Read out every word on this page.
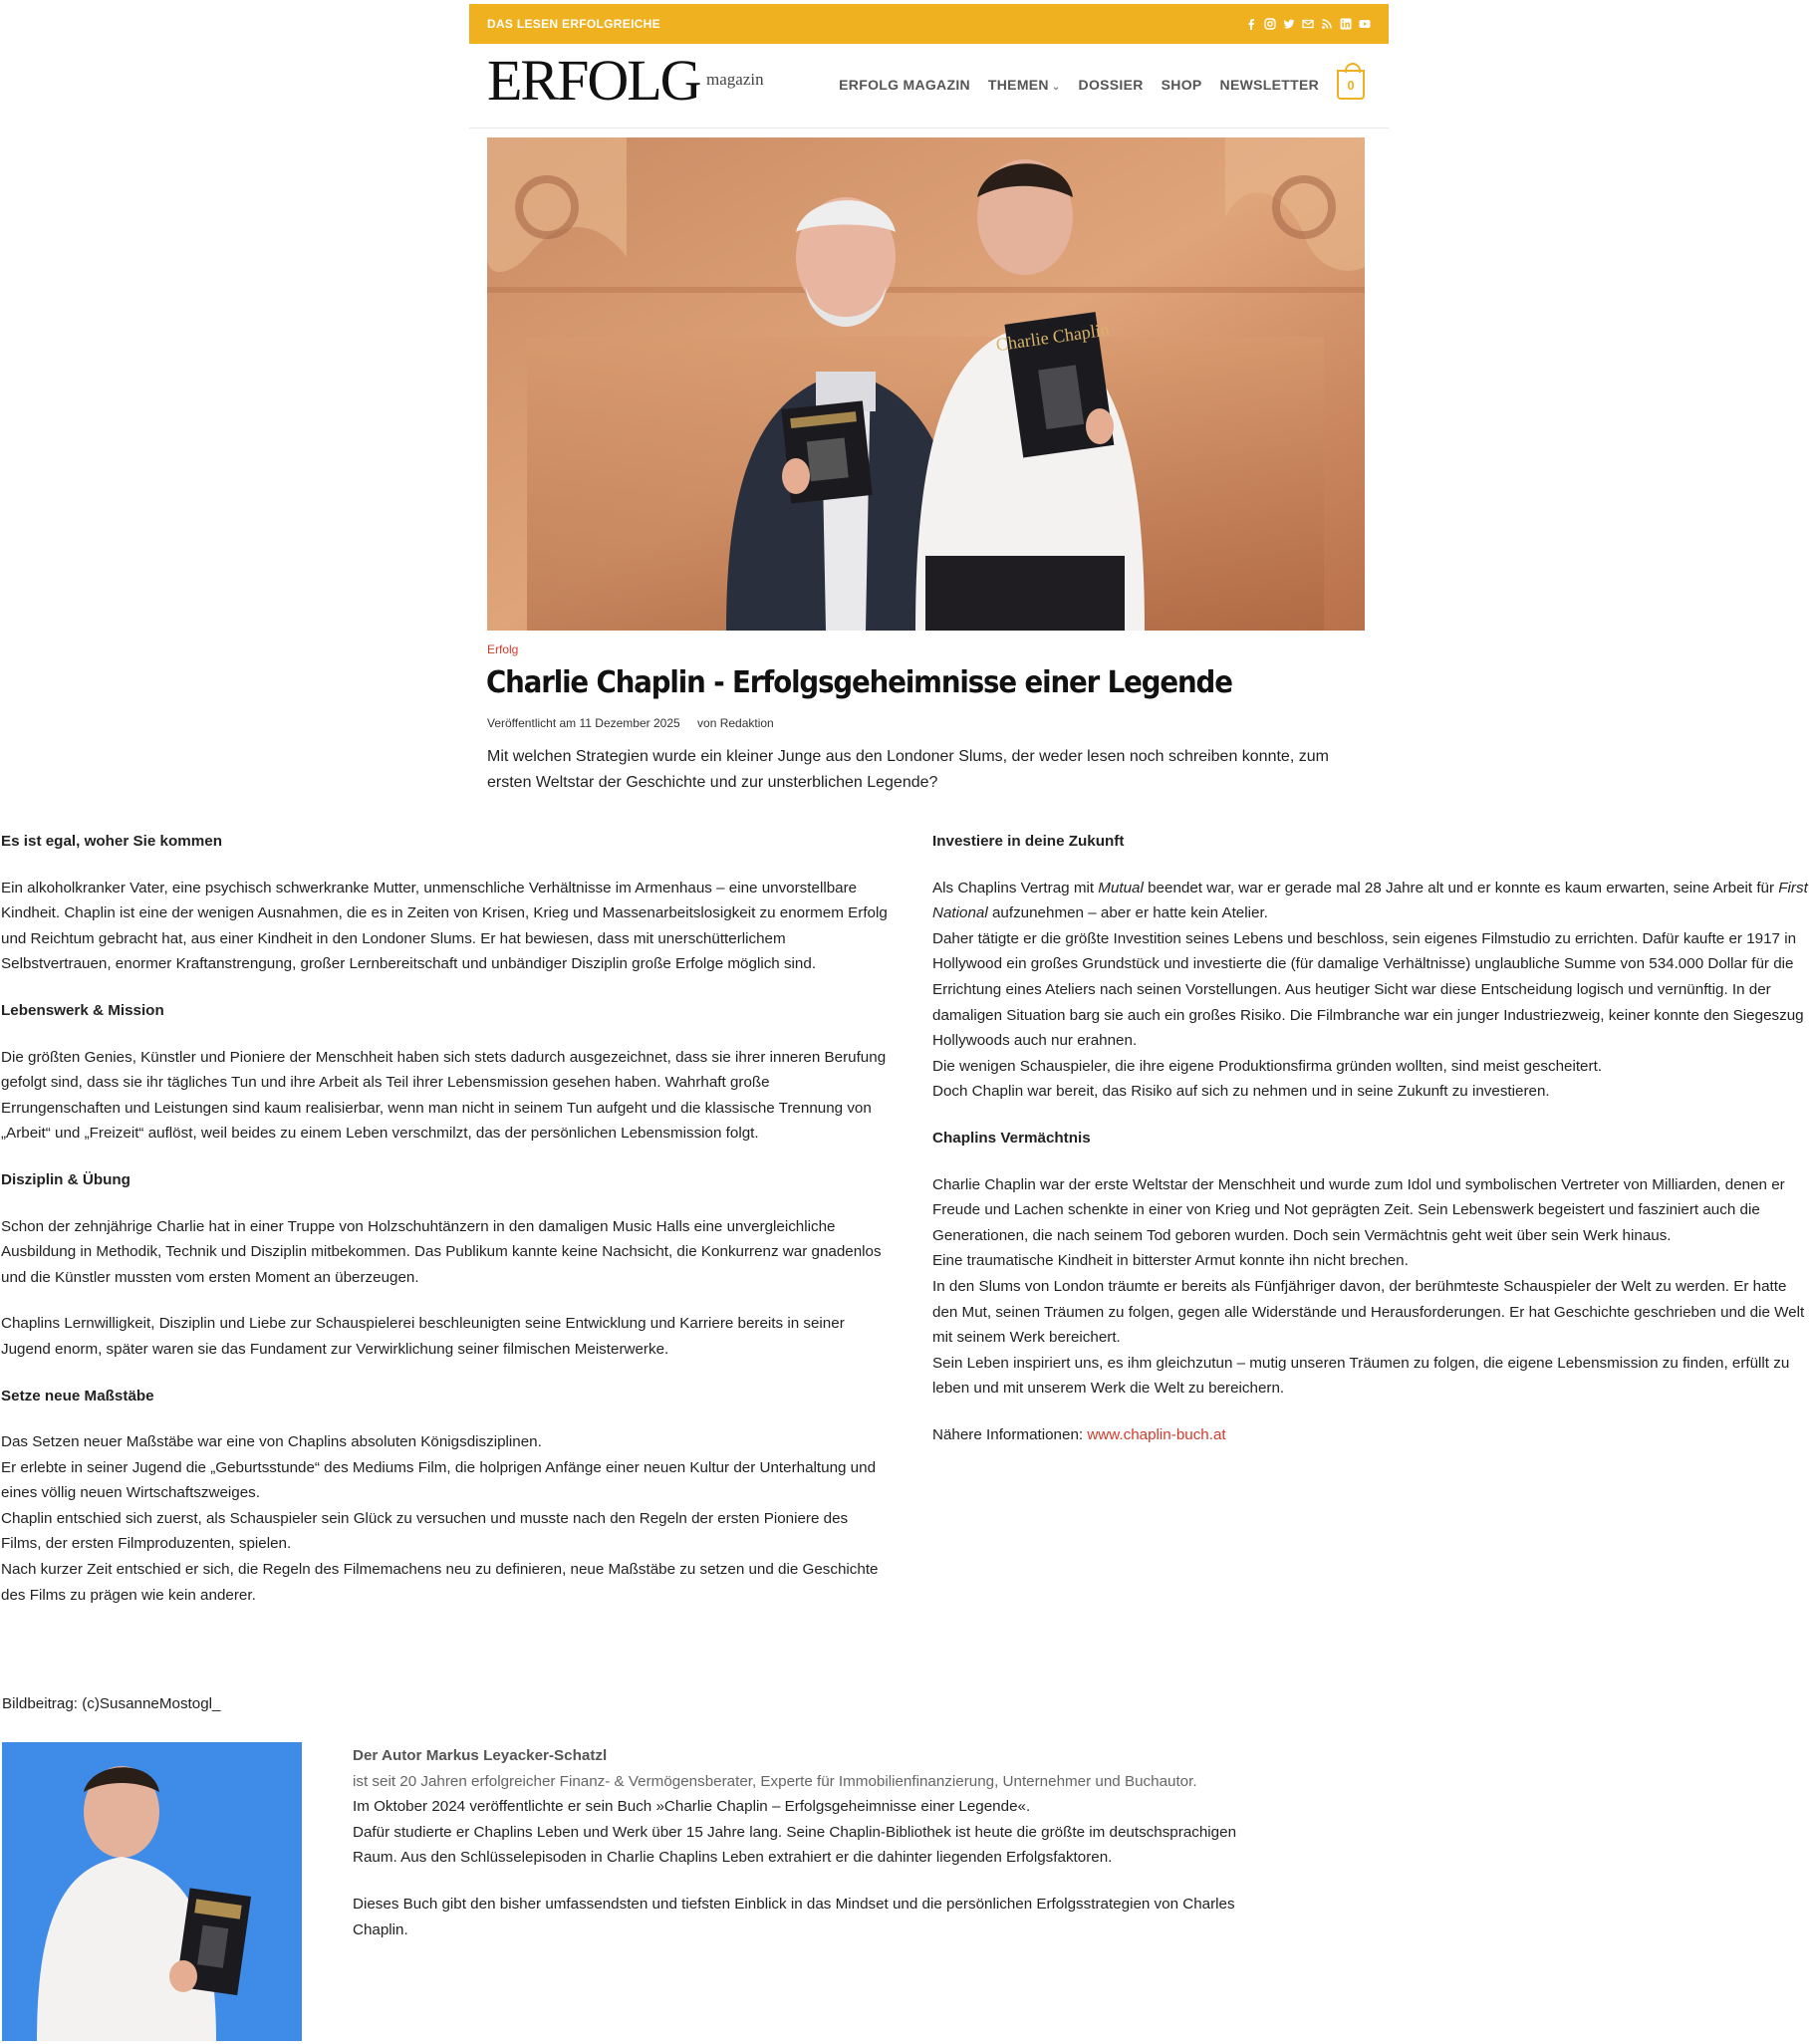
DAS LESEN ERFOLGREICHE
ERFOLG magazin	ERFOLG MAGAZIN THEMEN ⌄ DOSSIER SHOP NEWSLETTER 0
Charlie Chaplin
Erfolg
Charlie Chaplin - Erfolgsgeheimnisse einer Legende
Veröffentlicht am 11 Dezember 2025 von Redaktion

Mit welchen Strategien wurde ein kleiner Junge aus den Londoner Slums, der weder lesen noch schreiben konnte, zum ersten Weltstar der Geschichte und zur unsterblichen Legende?

Es ist egal, woher Sie kommen

Ein alkoholkranker Vater, eine psychisch schwerkranke Mutter, unmenschliche Verhältnisse im Armenhaus – eine unvorstellbare Kindheit. Chaplin ist eine der wenigen Ausnahmen, die es in Zeiten von Krisen, Krieg und Massenarbeitslosigkeit zu enormem Erfolg und Reichtum gebracht hat, aus einer Kindheit in den Londoner Slums. Er hat bewiesen, dass mit unerschütterlichem Selbstvertrauen, enormer Kraftanstrengung, großer Lernbereitschaft und unbändiger Disziplin große Erfolge möglich sind.

Lebenswerk & Mission

Die größten Genies, Künstler und Pioniere der Menschheit haben sich stets dadurch ausgezeichnet, dass sie ihrer inneren Berufung gefolgt sind, dass sie ihr tägliches Tun und ihre Arbeit als Teil ihrer Lebensmission gesehen haben. Wahrhaft große Errungenschaften und Leistungen sind kaum realisierbar, wenn man nicht in seinem Tun aufgeht und die klassische Trennung von „Arbeit“ und „Freizeit“ auflöst, weil beides zu einem Leben verschmilzt, das der persönlichen Lebensmission folgt.

Disziplin & Übung

Schon der zehnjährige Charlie hat in einer Truppe von Holzschuhtänzern in den damaligen Music Halls eine unvergleichliche Ausbildung in Methodik, Technik und Disziplin mitbekommen. Das Publikum kannte keine Nachsicht, die Konkurrenz war gnadenlos und die Künstler mussten vom ersten Moment an überzeugen.

Chaplins Lernwilligkeit, Disziplin und Liebe zur Schauspielerei beschleunigten seine Entwicklung und Karriere bereits in seiner Jugend enorm, später waren sie das Fundament zur Verwirklichung seiner filmischen Meisterwerke.

Setze neue Maßstäbe

Das Setzen neuer Maßstäbe war eine von Chaplins absoluten Königsdisziplinen.
Er erlebte in seiner Jugend die „Geburtsstunde“ des Mediums Film, die holprigen Anfänge einer neuen Kultur der Unterhaltung und eines völlig neuen Wirtschaftszweiges.
Chaplin entschied sich zuerst, als Schauspieler sein Glück zu versuchen und musste nach den Regeln der ersten Pioniere des Films, der ersten Filmproduzenten, spielen.
Nach kurzer Zeit entschied er sich, die Regeln des Filmemachens neu zu definieren, neue Maßstäbe zu setzen und die Geschichte des Films zu prägen wie kein anderer.

Investiere in deine Zukunft

Als Chaplins Vertrag mit Mutual beendet war, war er gerade mal 28 Jahre alt und er konnte es kaum erwarten, seine Arbeit für First National aufzunehmen – aber er hatte kein Atelier.
Daher tätigte er die größte Investition seines Lebens und beschloss, sein eigenes Filmstudio zu errichten. Dafür kaufte er 1917 in Hollywood ein großes Grundstück und investierte die (für damalige Verhältnisse) unglaubliche Summe von 534.000 Dollar für die Errichtung eines Ateliers nach seinen Vorstellungen. Aus heutiger Sicht war diese Entscheidung logisch und vernünftig. In der damaligen Situation barg sie auch ein großes Risiko. Die Filmbranche war ein junger Industriezweig, keiner konnte den Siegeszug Hollywoods auch nur erahnen.
Die wenigen Schauspieler, die ihre eigene Produktionsfirma gründen wollten, sind meist gescheitert.
Doch Chaplin war bereit, das Risiko auf sich zu nehmen und in seine Zukunft zu investieren.

Chaplins Vermächtnis

Charlie Chaplin war der erste Weltstar der Menschheit und wurde zum Idol und symbolischen Vertreter von Milliarden, denen er Freude und Lachen schenkte in einer von Krieg und Not geprägten Zeit. Sein Lebenswerk begeistert und fasziniert auch die Generationen, die nach seinem Tod geboren wurden. Doch sein Vermächtnis geht weit über sein Werk hinaus.
Eine traumatische Kindheit in bitterster Armut konnte ihn nicht brechen.
In den Slums von London träumte er bereits als Fünfjähriger davon, der berühmteste Schauspieler der Welt zu werden. Er hatte den Mut, seinen Träumen zu folgen, gegen alle Widerstände und Herausforderungen. Er hat Geschichte geschrieben und die Welt mit seinem Werk bereichert.
Sein Leben inspiriert uns, es ihm gleichzutun – mutig unseren Träumen zu folgen, die eigene Lebensmission zu finden, erfüllt zu leben und mit unserem Werk die Welt zu bereichern.

Nähere Informationen: www.chaplin-buch.at

Bildbeitrag: (c)SusanneMostogl_

Der Autor Markus Leyacker-Schatzl

ist seit 20 Jahren erfolgreicher Finanz- & Vermögensberater, Experte für Immobilienfinanzierung, Unternehmer und Buchautor.

Im Oktober 2024 veröffentlichte er sein Buch »Charlie Chaplin – Erfolgsgeheimnisse einer Legende«.

Dafür studierte er Chaplins Leben und Werk über 15 Jahre lang. Seine Chaplin-Bibliothek ist heute die größte im deutschsprachigen Raum. Aus den Schlüsselepisoden in Charlie Chaplins Leben extrahiert er die dahinter liegenden Erfolgsfaktoren.

Dieses Buch gibt den bisher umfassendsten und tiefsten Einblick in das Mindset und die persönlichen Erfolgsstrategien von Charles Chaplin.
